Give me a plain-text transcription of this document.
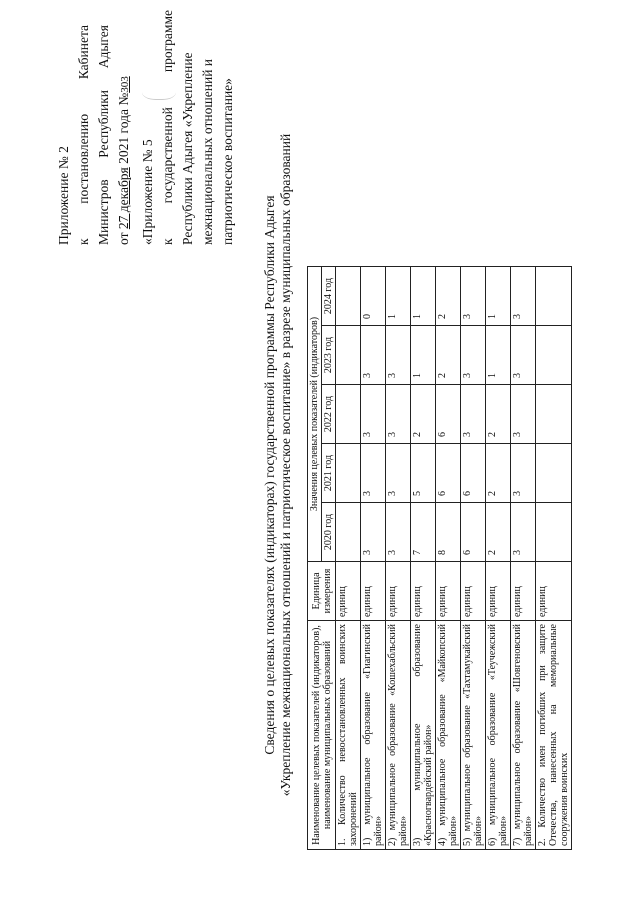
Приложение № 2 к постановлению Кабинета
Министров Республики Адыгея
от 27 декабря 2021 года №303
«Приложение № 5 к государственной программе
Республики Адыгея «Укрепление межнациональных отношений и патриотическое воспитание»
Сведения о целевых показателях (индикаторах) государственной программы Республики Адыгея «Укрепление межнациональных отношений и патриотическое воспитание» в разрезе муниципальных образований Наименование целевых показателей (индикаторов), наименование муниципальных образований	Единица измерения	Значения целевых показателей (индикаторов)				
		2020 год	2021 год	2022 год	2023 год	2024 год
1. Количество невосстановленных воинских захоронений	единиц					
1) муниципальное образование «Гиагинский район»	единиц	3	3	3	3	0
2) муниципальное образование «Кошехабльский район»	единиц	3	3	3	3	1
3) муниципальное образование «Красногвардейский район»	единиц	7	5	2	1	1
4) муниципальное образование «Майкопский район»	единиц	8	6	6	2	2
5) муниципальное образование «Тахтамукайский район»	единиц	6	6	3	3	3
6) муниципальное образование «Теучежский район»	единиц	2	2	2	1	1
7) муниципальное образование «Шовгеновский район»	единиц	3	3	3	3	3
2. Количество имен погибших при защите Отечества, нанесенных на мемориальные сооружения воинских	единиц					
